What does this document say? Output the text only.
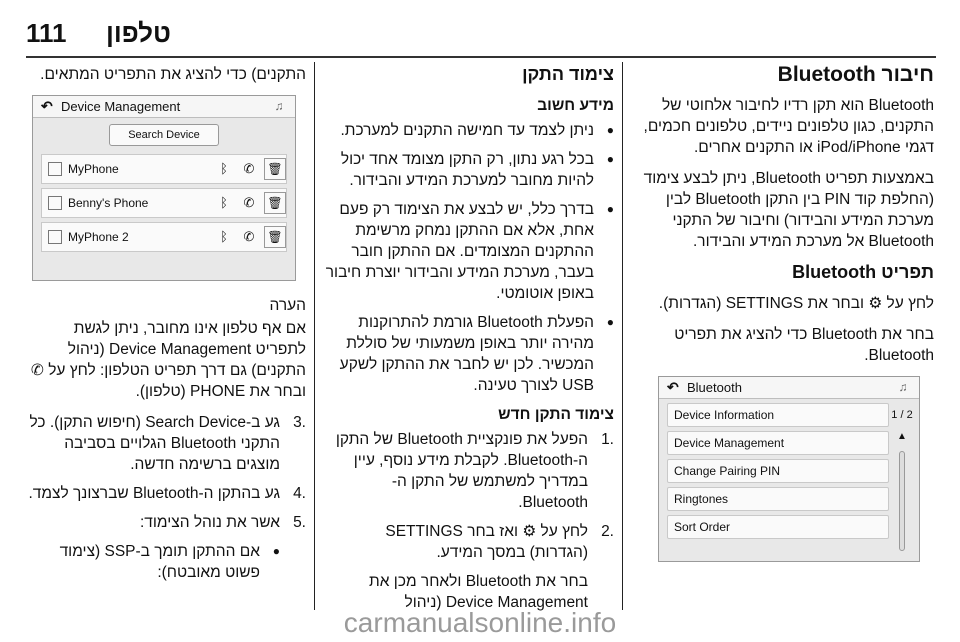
טלפון
111
חיבור Bluetooth

Bluetooth הוא תקן רדיו לחיבור אלחוטי של התקנים, כגון טלפונים ניידים, טלפונים חכמים, דגמי iPod/iPhone או התקנים אחרים.

באמצעות תפריט Bluetooth, ניתן לבצע צימוד (החלפת קוד PIN בין התקן Bluetooth לבין מערכת המידע והבידור) וחיבור של התקני Bluetooth אל מערכת המידע והבידור.

תפריט Bluetooth

לחץ על ⚙ ובחר את SETTINGS (הגדרות).

בחר את Bluetooth כדי להציג את תפריט Bluetooth.

↶ Bluetooth	♫
1 / 2
▲
Device Information
Device Management
Change Pairing PIN
Ringtones
Sort Order
צימוד התקן
מידע חשוב
● ניתן לצמד עד חמישה התקנים למערכת.
● בכל רגע נתון, רק התקן מצומד אחד יכול להיות מחובר למערכת המידע והבידור.
● בדרך כלל, יש לבצע את הצימוד רק פעם אחת, אלא אם ההתקן נמחק מרשימת ההתקנים המצומדים. אם ההתקן חובר בעבר, מערכת המידע והבידור יוצרת חיבור באופן אוטומטי.
● הפעלת Bluetooth גורמת להתרוקנות מהירה יותר באופן משמעותי של סוללת המכשיר. לכן יש לחבר את ההתקן לשקע USB לצורך טעינה.
צימוד התקן חדש
1.
הפעל את פונקציית Bluetooth של התקן ה-Bluetooth. לקבלת מידע נוסף, עיין במדריך למשתמש של התקן ה-Bluetooth.
2.
לחץ על ⚙ ואז בחר SETTINGS (הגדרות) במסך המידע.

בחר את Bluetooth ולאחר מכן את Device Management (ניהול

התקנים) כדי להציג את התפריט המתאים.

↶ Device Management	♫
Search Device
MyPhone	ᛒ	✆	🗑
Benny's Phone	ᛒ	✆	🗑
MyPhone 2	ᛒ	✆	🗑
הערה

אם אף טלפון אינו מחובר, ניתן לגשת לתפריט Device Management (ניהול התקנים) גם דרך תפריט הטלפון: לחץ על ✆ ובחר את PHONE (טלפון).

3.
גע ב-Search Device (חיפוש התקן). כל התקני Bluetooth הגלויים בסביבה מוצגים ברשימה חדשה.
4.
גע בהתקן ה-Bluetooth שברצונך לצמד.
5.
אשר את נוהל הצימוד:
● אם ההתקן תומך ב-SSP (צימוד פשוט מאובטח):
carmanualsonline.info
